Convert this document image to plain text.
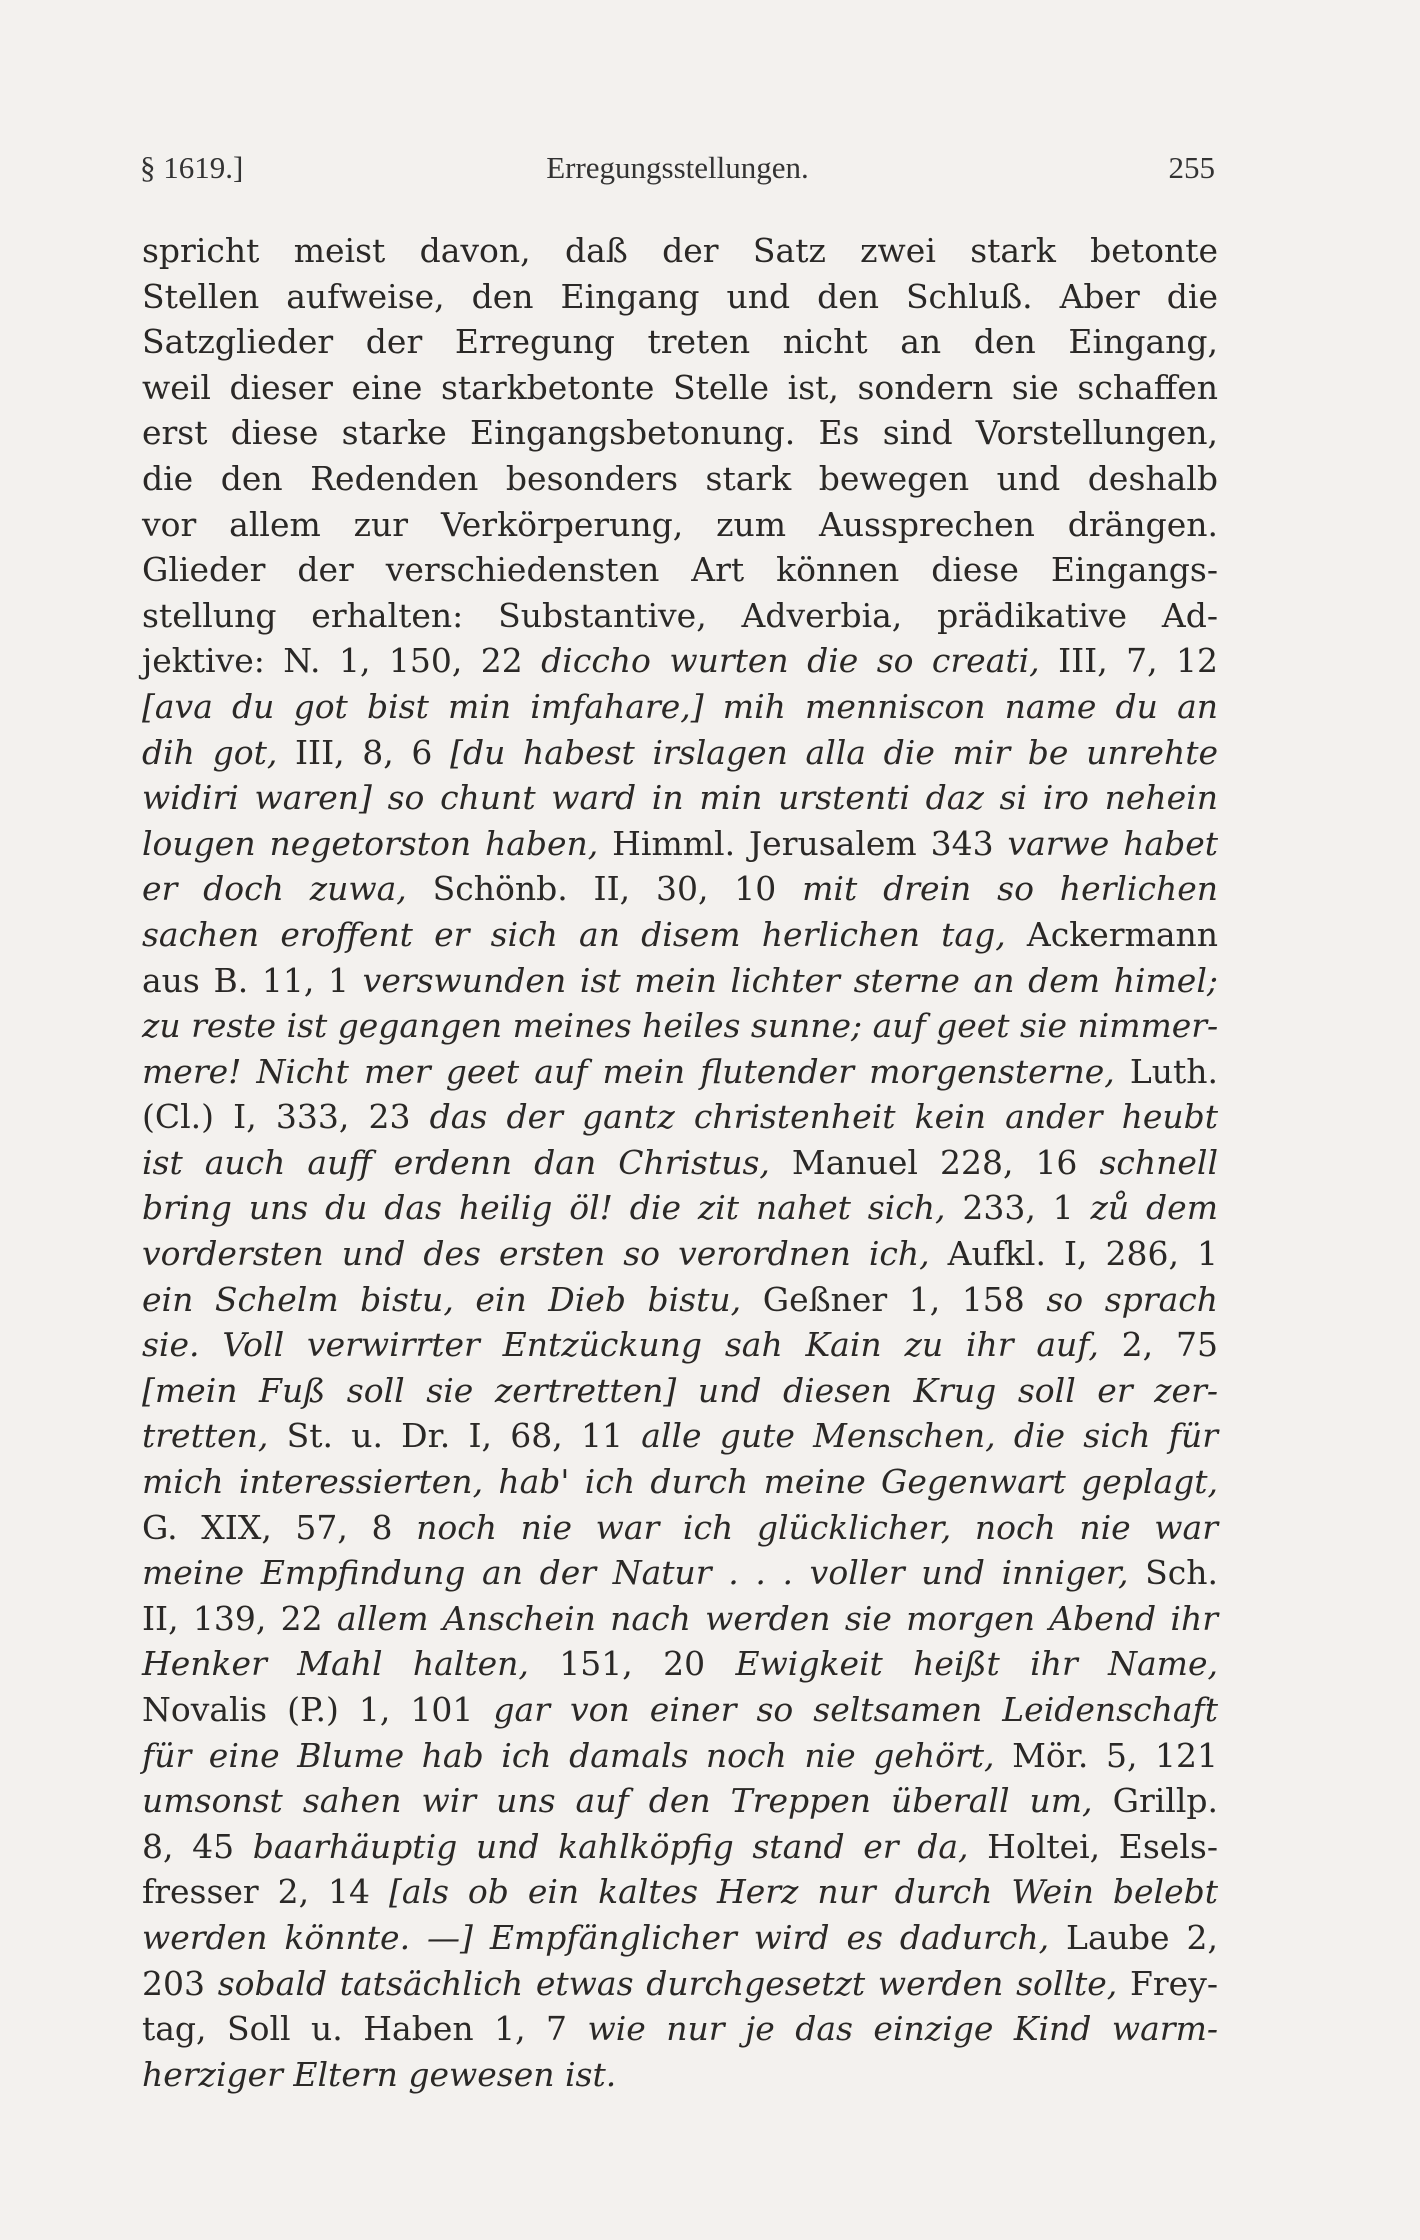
§ 1619.]	Erregungsstellungen.	255
spricht meist davon, daß der Satz zwei stark betonte
Stellen aufweise, den Eingang und den Schluß. Aber die
Satzglieder der Erregung treten nicht an den Eingang,
weil dieser eine starkbetonte Stelle ist, sondern sie schaffen
erst diese starke Eingangsbetonung. Es sind Vorstellungen,
die den Redenden besonders stark bewegen und deshalb
vor allem zur Verkörperung, zum Aussprechen drängen.
Glieder der verschiedensten Art können diese Eingangs-
stellung erhalten: Substantive, Adverbia, prädikative Ad-
jektive: N. 1, 150, 22 diccho wurten die so creati, III, 7, 12
[ava du got bist min imfahare,] mih menniscon name du an
dih got, III, 8, 6 [du habest irslagen alla die mir be unrehte
widiri waren] so chunt ward in min urstenti daz si iro nehein
lougen negetorston haben, Himml. Jerusalem 343 varwe habet
er doch zuwa, Schönb. II, 30, 10 mit drein so herlichen
sachen eroffent er sich an disem herlichen tag, Ackermann
aus B. 11, 1 verswunden ist mein lichter sterne an dem himel;
zu reste ist gegangen meines heiles sunne; auf geet sie nimmer-
mere! Nicht mer geet auf mein flutender morgensterne, Luth.
(Cl.) I, 333, 23 das der gantz christenheit kein ander heubt
ist auch auff erdenn dan Christus, Manuel 228, 16 schnell
bring uns du das heilig öl! die zit nahet sich, 233, 1 zů dem
vordersten und des ersten so verordnen ich, Aufkl. I, 286, 1
ein Schelm bistu, ein Dieb bistu, Geßner 1, 158 so sprach
sie. Voll verwirrter Entzückung sah Kain zu ihr auf, 2, 75
[mein Fuß soll sie zertretten] und diesen Krug soll er zer-
tretten, St. u. Dr. I, 68, 11 alle gute Menschen, die sich für
mich interessierten, hab' ich durch meine Gegenwart geplagt,
G. XIX, 57, 8 noch nie war ich glücklicher, noch nie war
meine Empfindung an der Natur . . . voller und inniger, Sch.
II, 139, 22 allem Anschein nach werden sie morgen Abend ihr
Henker Mahl halten, 151, 20 Ewigkeit heißt ihr Name,
Novalis (P.) 1, 101 gar von einer so seltsamen Leidenschaft
für eine Blume hab ich damals noch nie gehört, Mör. 5, 121
umsonst sahen wir uns auf den Treppen überall um, Grillp.
8, 45 baarhäuptig und kahlköpfig stand er da, Holtei, Esels-
fresser 2, 14 [als ob ein kaltes Herz nur durch Wein belebt
werden könnte. —] Empfänglicher wird es dadurch, Laube 2,
203 sobald tatsächlich etwas durchgesetzt werden sollte, Frey-
tag, Soll u. Haben 1, 7 wie nur je das einzige Kind warm-
herziger Eltern gewesen ist.
